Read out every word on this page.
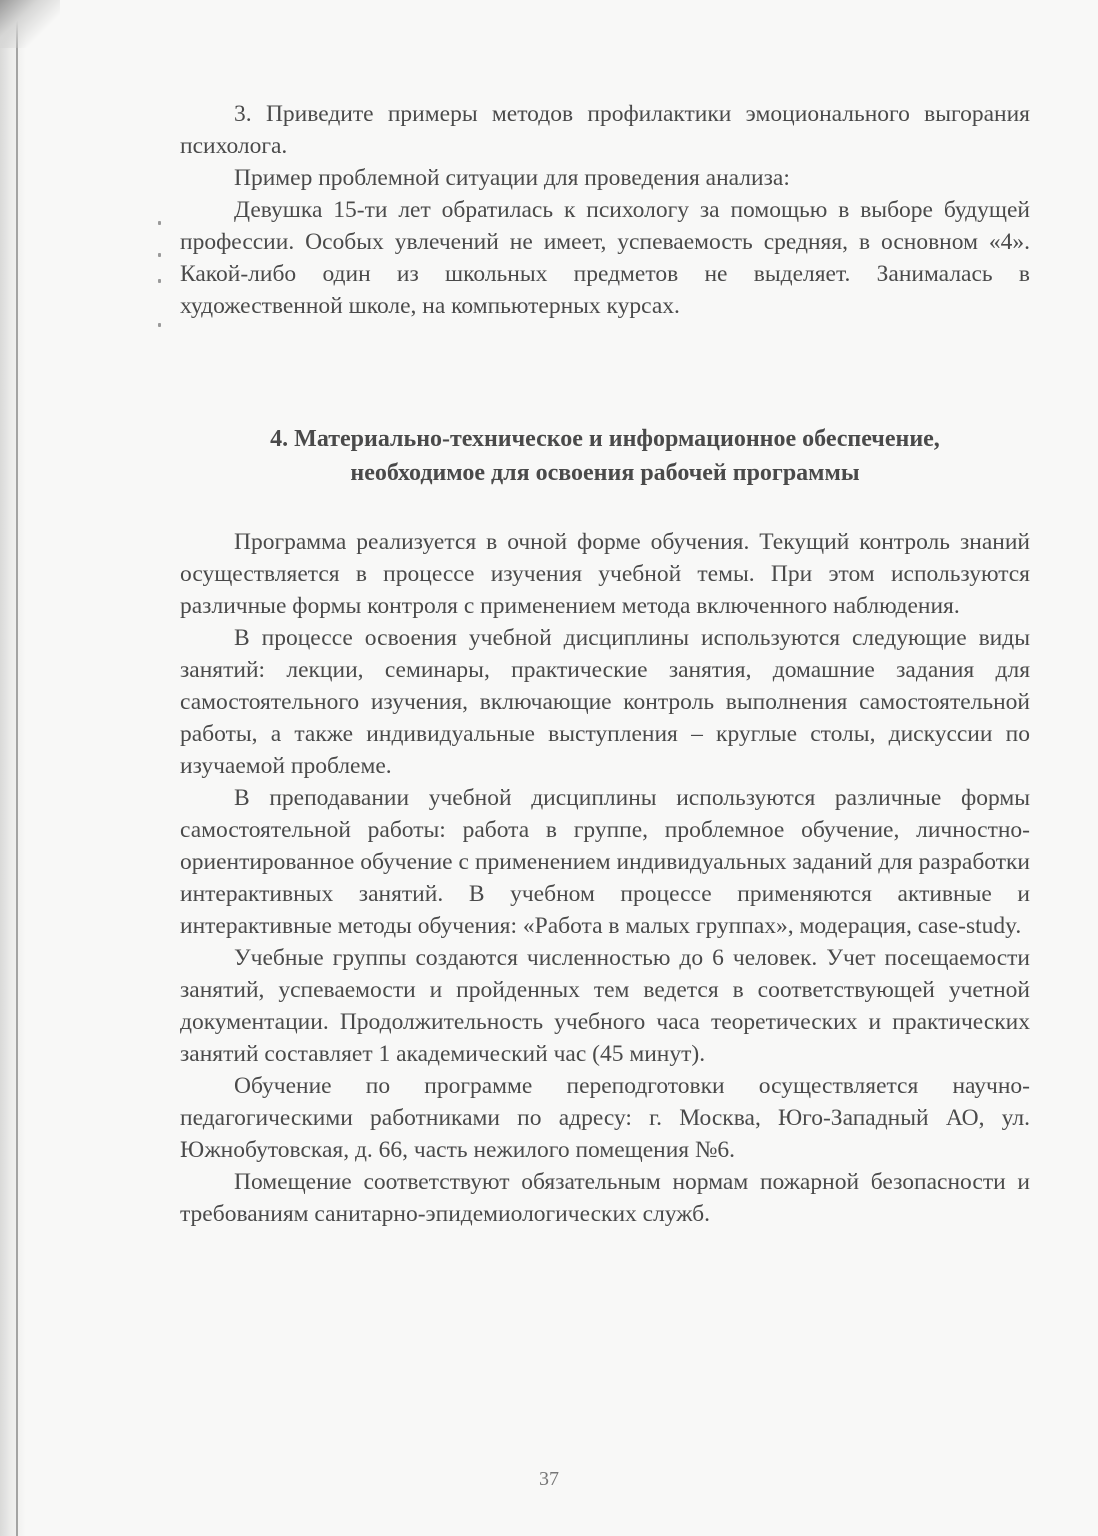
3. Приведите примеры методов профилактики эмоционального выгорания психолога.

Пример проблемной ситуации для проведения анализа:

Девушка 15-ти лет обратилась к психологу за помощью в выборе будущей профессии. Особых увлечений не имеет, успеваемость средняя, в основном «4». Какой-либо один из школьных предметов не выделяет. Занималась в художественной школе, на компьютерных курсах.

4. Материально-техническое и информационное обеспечение,
необходимое для освоения рабочей программы

Программа реализуется в очной форме обучения. Текущий контроль знаний осуществляется в процессе изучения учебной темы. При этом используются различные формы контроля с применением метода включенного наблюдения.

В процессе освоения учебной дисциплины используются следующие виды занятий: лекции, семинары, практические занятия, домашние задания для самостоятельного изучения, включающие контроль выполнения самостоятельной работы, а также индивидуальные выступления – круглые столы, дискуссии по изучаемой проблеме.

В преподавании учебной дисциплины используются различные формы самостоятельной работы: работа в группе, проблемное обучение, личностно-ориентированное обучение с применением индивидуальных заданий для разработки интерактивных занятий. В учебном процессе применяются активные и интерактивные методы обучения: «Работа в малых группах», модерация, case-study.

Учебные группы создаются численностью до 6 человек. Учет посещаемости занятий, успеваемости и пройденных тем ведется в соответствующей учетной документации. Продолжительность учебного часа теоретических и практических занятий составляет 1 академический час (45 минут).

Обучение по программе переподготовки осуществляется научно-педагогическими работниками по адресу: г. Москва, Юго-Западный АО, ул. Южнобутовская, д. 66, часть нежилого помещения №6.

Помещение соответствуют обязательным нормам пожарной безопасности и требованиям санитарно-эпидемиологических служб.

37
